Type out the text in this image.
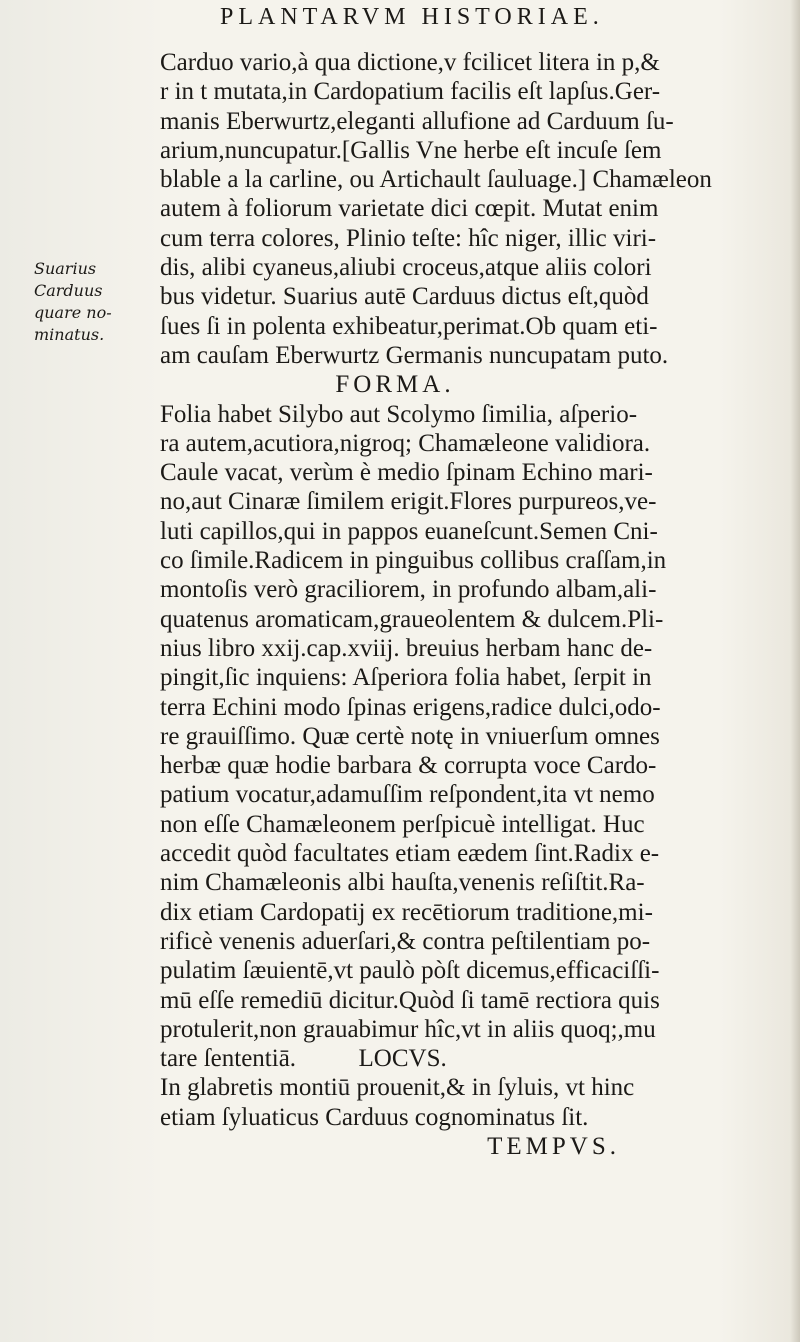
PLANTARVM HISTORIAE.
Suarius
Carduus
quare no-
minatus.
Carduo vario,à qua dictione,v fcilicet litera in p,&
r in t mutata,in Cardopatium facilis eſt lapſus.Ger-
manis Eberwurtz,eleganti allufione ad Carduum ſu-
arium,nuncupatur.[Gallis Vne herbe eſt incuſe ſem
blable a la carline, ou Artichault ſauluage.] Chamæleon
autem à foliorum varietate dici cœpit. Mutat enim
cum terra colores, Plinio teſte: hîc niger, illic viri-
dis, alibi cyaneus,aliubi croceus,atque aliis colori
bus videtur. Suarius autē Carduus dictus eſt,quòd
ſues ſi in polenta exhibeatur,perimat.Ob quam eti-
am cauſam Eberwurtz Germanis nuncupatam puto.
FORMA.
Folia habet Silybo aut Scolymo ſimilia, aſperio-
ra autem,acutiora,nigroq; Chamæleone validiora.
Caule vacat, verùm è medio ſpinam Echino mari-
no,aut Cinaræ ſimilem erigit.Flores purpureos,ve-
luti capillos,qui in pappos euaneſcunt.Semen Cni-
co ſimile.Radicem in pinguibus collibus craſſam,in
montoſis verò graciliorem, in profundo albam,ali-
quatenus aromaticam,graueolentem & dulcem.Pli-
nius libro xxij.cap.xviij. breuius herbam hanc de-
pingit,ſic inquiens: Aſperiora folia habet, ſerpit in
terra Echini modo ſpinas erigens,radice dulci,odo-
re grauiſſimo. Quæ certè notę in vniuerſum omnes
herbæ quæ hodie barbara & corrupta voce Cardo-
patium vocatur,adamuſſim reſpondent,ita vt nemo
non eſſe Chamæleonem perſpicuè intelligat. Huc
accedit quòd facultates etiam eædem ſint.Radix e-
nim Chamæleonis albi hauſta,venenis reſiſtit.Ra-
dix etiam Cardopatij ex recētiorum traditione,mi-
rificè venenis aduerſari,& contra peſtilentiam po-
pulatim ſæuientē,vt paulò pòſt dicemus,efficaciſſi-
mū eſſe remediū dicitur.Quòd ſi tamē rectiora quis
protulerit,non grauabimur hîc,vt in aliis quoq;,mu
tare ſententiā.          LOCVS.
In glabretis montiū prouenit,& in ſyluis, vt hinc
etiam ſyluaticus Carduus cognominatus ſit.
TEMPVS.
